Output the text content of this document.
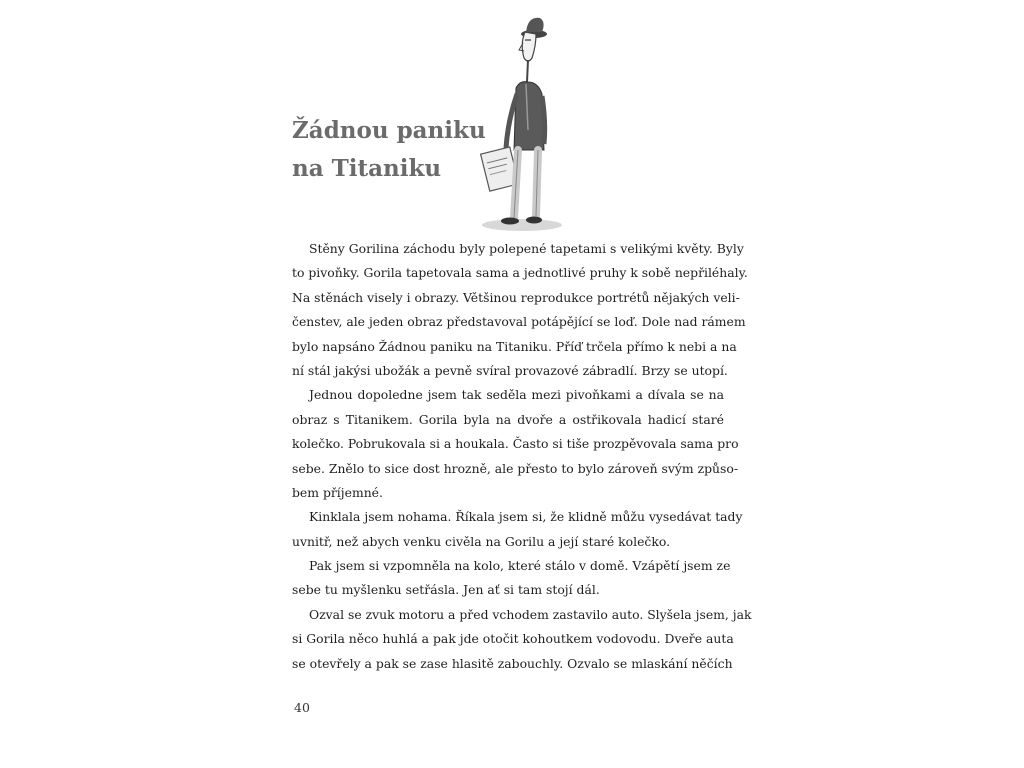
Žádnou paniku
na Titaniku
Stěny Gorilina záchodu byly polepené tapetami s velikými květy. Byly
to pivoňky. Gorila tapetovala sama a jednotlivé pruhy k sobě nepřiléhaly.
Na stěnách visely i obrazy. Většinou reprodukce portrétů nějakých veli-
čenstev, ale jeden obraz představoval potápějící se loď. Dole nad rámem
bylo napsáno Žádnou paniku na Titaniku. Příď trčela přímo k nebi a na
ní stál jakýsi ubožák a pevně svíral provazové zábradlí. Brzy se utopí.
Jednou dopoledne jsem tak seděla mezi pivoňkami a dívala se na
obraz s Titanikem. Gorila byla na dvoře a ostřikovala hadicí staré
kolečko. Pobrukovala si a houkala. Často si tiše prozpěvovala sama pro
sebe. Znělo to sice dost hrozně, ale přesto to bylo zároveň svým způso-
bem příjemné.
Kinklala jsem nohama. Říkala jsem si, že klidně můžu vysedávat tady
uvnitř, než abych venku civěla na Gorilu a její staré kolečko.
Pak jsem si vzpomněla na kolo, které stálo v domě. Vzápětí jsem ze
sebe tu myšlenku setřásla. Jen ať si tam stojí dál.
Ozval se zvuk motoru a před vchodem zastavilo auto. Slyšela jsem, jak
si Gorila něco huhlá a pak jde otočit kohoutkem vodovodu. Dveře auta
se otevřely a pak se zase hlasitě zabouchly. Ozvalo se mlaskání něčích
40
